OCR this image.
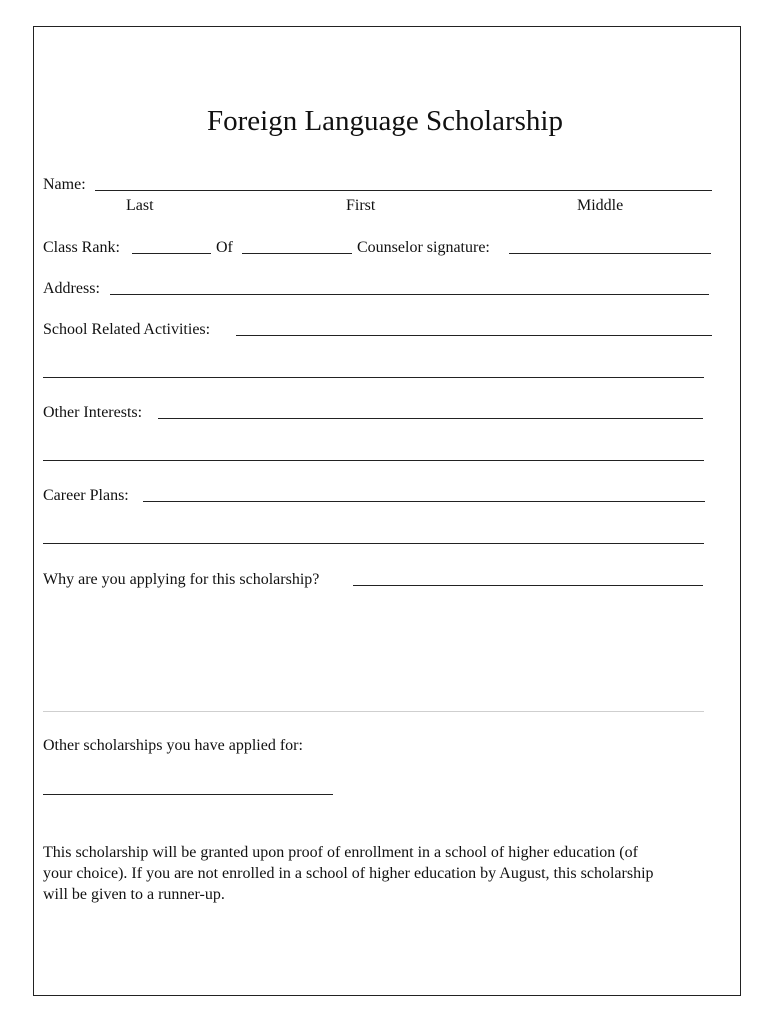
Foreign Language Scholarship
Name:
Last	First	Middle
Class Rank:	Of	Counselor signature:
Address:
School Related Activities:
Other Interests:
Career Plans:
Why are you applying for this scholarship?
Other scholarships you have applied for:
This scholarship will be granted upon proof of enrollment in a school of higher education (of
your choice). If you are not enrolled in a school of higher education by August, this scholarship
will be given to a runner-up.
